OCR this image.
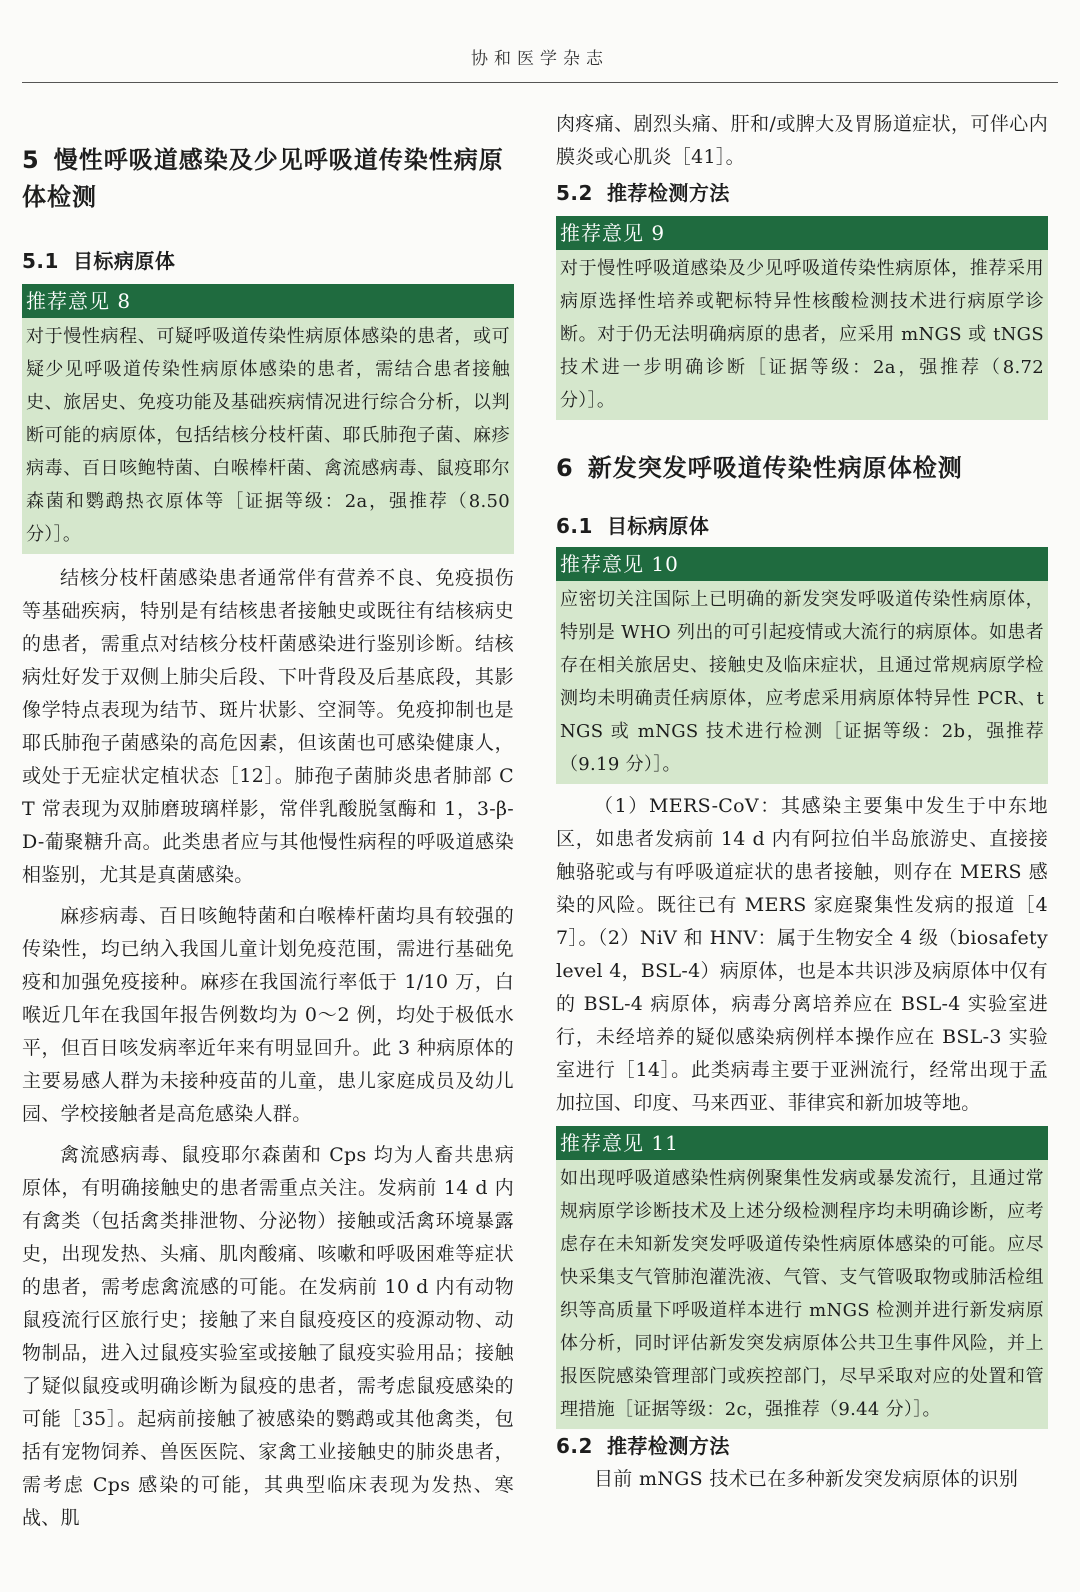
协和医学杂志
5 慢性呼吸道感染及少见呼吸道传染性病原体检测
5.1 目标病原体
推荐意见 8
对于慢性病程、可疑呼吸道传染性病原体感染的患者，或可疑少见呼吸道传染性病原体感染的患者，需结合患者接触史、旅居史、免疫功能及基础疾病情况进行综合分析，以判断可能的病原体，包括结核分枝杆菌、耶氏肺孢子菌、麻疹病毒、百日咳鲍特菌、白喉棒杆菌、禽流感病毒、鼠疫耶尔森菌和鹦鹉热衣原体等［证据等级：2a，强推荐（8.50 分）］。

结核分枝杆菌感染患者通常伴有营养不良、免疫损伤等基础疾病，特别是有结核患者接触史或既往有结核病史的患者，需重点对结核分枝杆菌感染进行鉴别诊断。结核病灶好发于双侧上肺尖后段、下叶背段及后基底段，其影像学特点表现为结节、斑片状影、空洞等。免疫抑制也是耶氏肺孢子菌感染的高危因素，但该菌也可感染健康人，或处于无症状定植状态［12］。肺孢子菌肺炎患者肺部 CT 常表现为双肺磨玻璃样影，常伴乳酸脱氢酶和 1，3-β-D-葡聚糖升高。此类患者应与其他慢性病程的呼吸道感染相鉴别，尤其是真菌感染。

麻疹病毒、百日咳鲍特菌和白喉棒杆菌均具有较强的传染性，均已纳入我国儿童计划免疫范围，需进行基础免疫和加强免疫接种。麻疹在我国流行率低于 1/10 万，白喉近几年在我国年报告例数均为 0～2 例，均处于极低水平，但百日咳发病率近年来有明显回升。此 3 种病原体的主要易感人群为未接种疫苗的儿童，患儿家庭成员及幼儿园、学校接触者是高危感染人群。

禽流感病毒、鼠疫耶尔森菌和 Cps 均为人畜共患病原体，有明确接触史的患者需重点关注。发病前 14 d 内有禽类（包括禽类排泄物、分泌物）接触或活禽环境暴露史，出现发热、头痛、肌肉酸痛、咳嗽和呼吸困难等症状的患者，需考虑禽流感的可能。在发病前 10 d 内有动物鼠疫流行区旅行史；接触了来自鼠疫疫区的疫源动物、动物制品，进入过鼠疫实验室或接触了鼠疫实验用品；接触了疑似鼠疫或明确诊断为鼠疫的患者，需考虑鼠疫感染的可能［35］。起病前接触了被感染的鹦鹉或其他禽类，包括有宠物饲养、兽医医院、家禽工业接触史的肺炎患者，需考虑 Cps 感染的可能，其典型临床表现为发热、寒战、肌

肉疼痛、剧烈头痛、肝和/或脾大及胃肠道症状，可伴心内膜炎或心肌炎［41］。

5.2 推荐检测方法
推荐意见 9
对于慢性呼吸道感染及少见呼吸道传染性病原体，推荐采用病原选择性培养或靶标特异性核酸检测技术进行病原学诊断。对于仍无法明确病原的患者，应采用 mNGS 或 tNGS 技术进一步明确诊断［证据等级：2a，强推荐（8.72 分）］。
6 新发突发呼吸道传染性病原体检测
6.1 目标病原体
推荐意见 10
应密切关注国际上已明确的新发突发呼吸道传染性病原体，特别是 WHO 列出的可引起疫情或大流行的病原体。如患者存在相关旅居史、接触史及临床症状，且通过常规病原学检测均未明确责任病原体，应考虑采用病原体特异性 PCR、tNGS 或 mNGS 技术进行检测［证据等级：2b，强推荐（9.19 分）］。

（1）MERS-CoV：其感染主要集中发生于中东地区，如患者发病前 14 d 内有阿拉伯半岛旅游史、直接接触骆驼或与有呼吸道症状的患者接触，则存在 MERS 感染的风险。既往已有 MERS 家庭聚集性发病的报道［47］。（2）NiV 和 HNV：属于生物安全 4 级（biosafety level 4，BSL-4）病原体，也是本共识涉及病原体中仅有的 BSL-4 病原体，病毒分离培养应在 BSL-4 实验室进行，未经培养的疑似感染病例样本操作应在 BSL-3 实验室进行［14］。此类病毒主要于亚洲流行，经常出现于孟加拉国、印度、马来西亚、菲律宾和新加坡等地。

推荐意见 11
如出现呼吸道感染性病例聚集性发病或暴发流行，且通过常规病原学诊断技术及上述分级检测程序均未明确诊断，应考虑存在未知新发突发呼吸道传染性病原体感染的可能。应尽快采集支气管肺泡灌洗液、气管、支气管吸取物或肺活检组织等高质量下呼吸道样本进行 mNGS 检测并进行新发病原体分析，同时评估新发突发病原体公共卫生事件风险，并上报医院感染管理部门或疾控部门，尽早采取对应的处置和管理措施［证据等级：2c，强推荐（9.44 分）］。
6.2 推荐检测方法

目前 mNGS 技术已在多种新发突发病原体的识别
